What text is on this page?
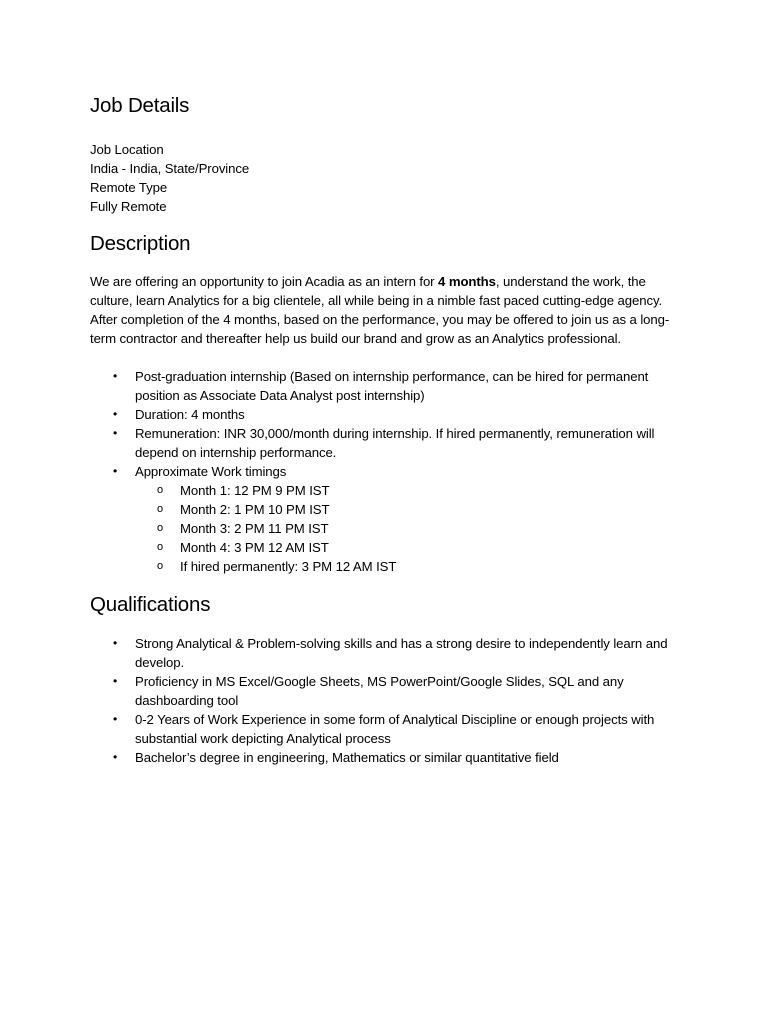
Job Details
Job Location
India - India, State/Province
Remote Type
Fully Remote
Description

We are offering an opportunity to join Acadia as an intern for 4 months, understand the work, the culture, learn Analytics for a big clientele, all while being in a nimble fast paced cutting-edge agency. After completion of the 4 months, based on the performance, you may be offered to join us as a long-term contractor and thereafter help us build our brand and grow as an Analytics professional.

• Post-graduation internship (Based on internship performance, can be hired for permanent position as Associate Data Analyst post internship)
• Duration: 4 months
• Remuneration: INR 30,000/month during internship. If hired permanently, remuneration will depend on internship performance.
• Approximate Work timings
o Month 1: 12 PM 9 PM IST
o Month 2: 1 PM 10 PM IST
o Month 3: 2 PM 11 PM IST
o Month 4: 3 PM 12 AM IST
o If hired permanently: 3 PM 12 AM IST
Qualifications
• Strong Analytical & Problem-solving skills and has a strong desire to independently learn and develop.
• Proficiency in MS Excel/Google Sheets, MS PowerPoint/Google Slides, SQL and any dashboarding tool
• 0-2 Years of Work Experience in some form of Analytical Discipline or enough projects with substantial work depicting Analytical process
• Bachelor’s degree in engineering, Mathematics or similar quantitative field
